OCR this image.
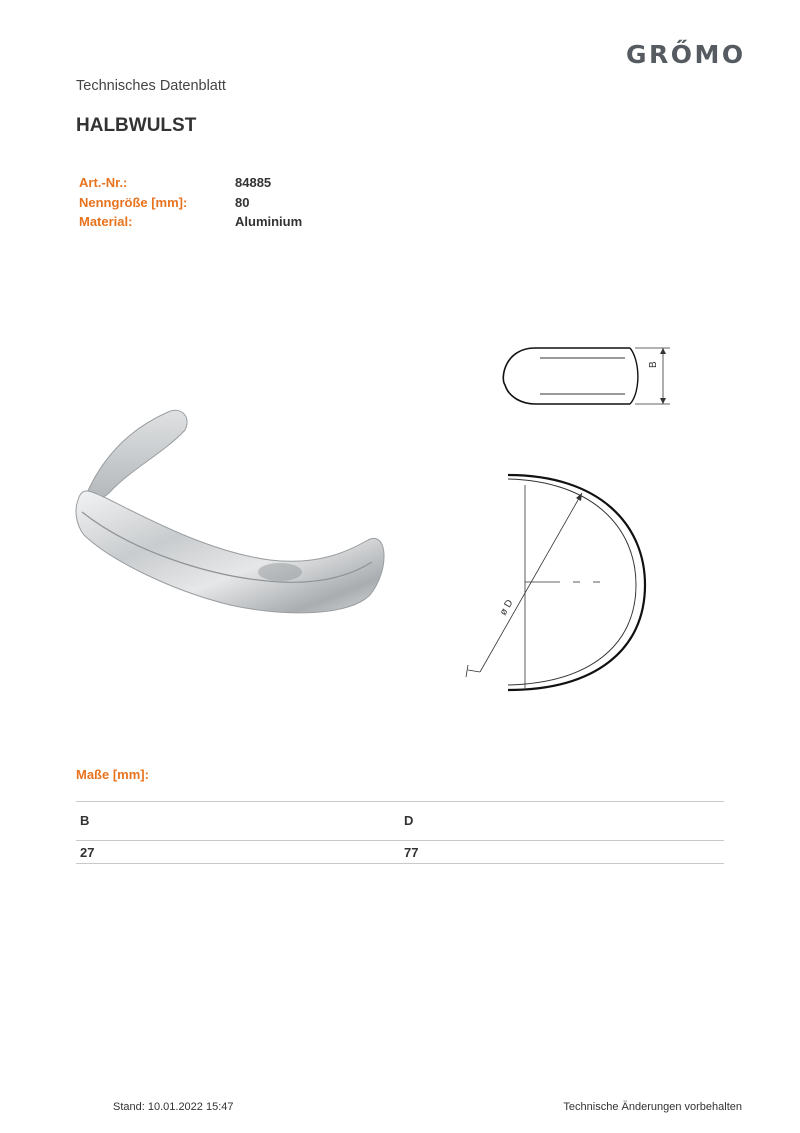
GRŐMO
Technisches Datenblatt
HALBWULST
Art.-Nr.:	84885
Nenngröße [mm]:	80
Material:	Aluminium
B
ø D
Maße [mm]:
B	D
27	77
Stand: 10.01.2022 15:47	Technische Änderungen vorbehalten
